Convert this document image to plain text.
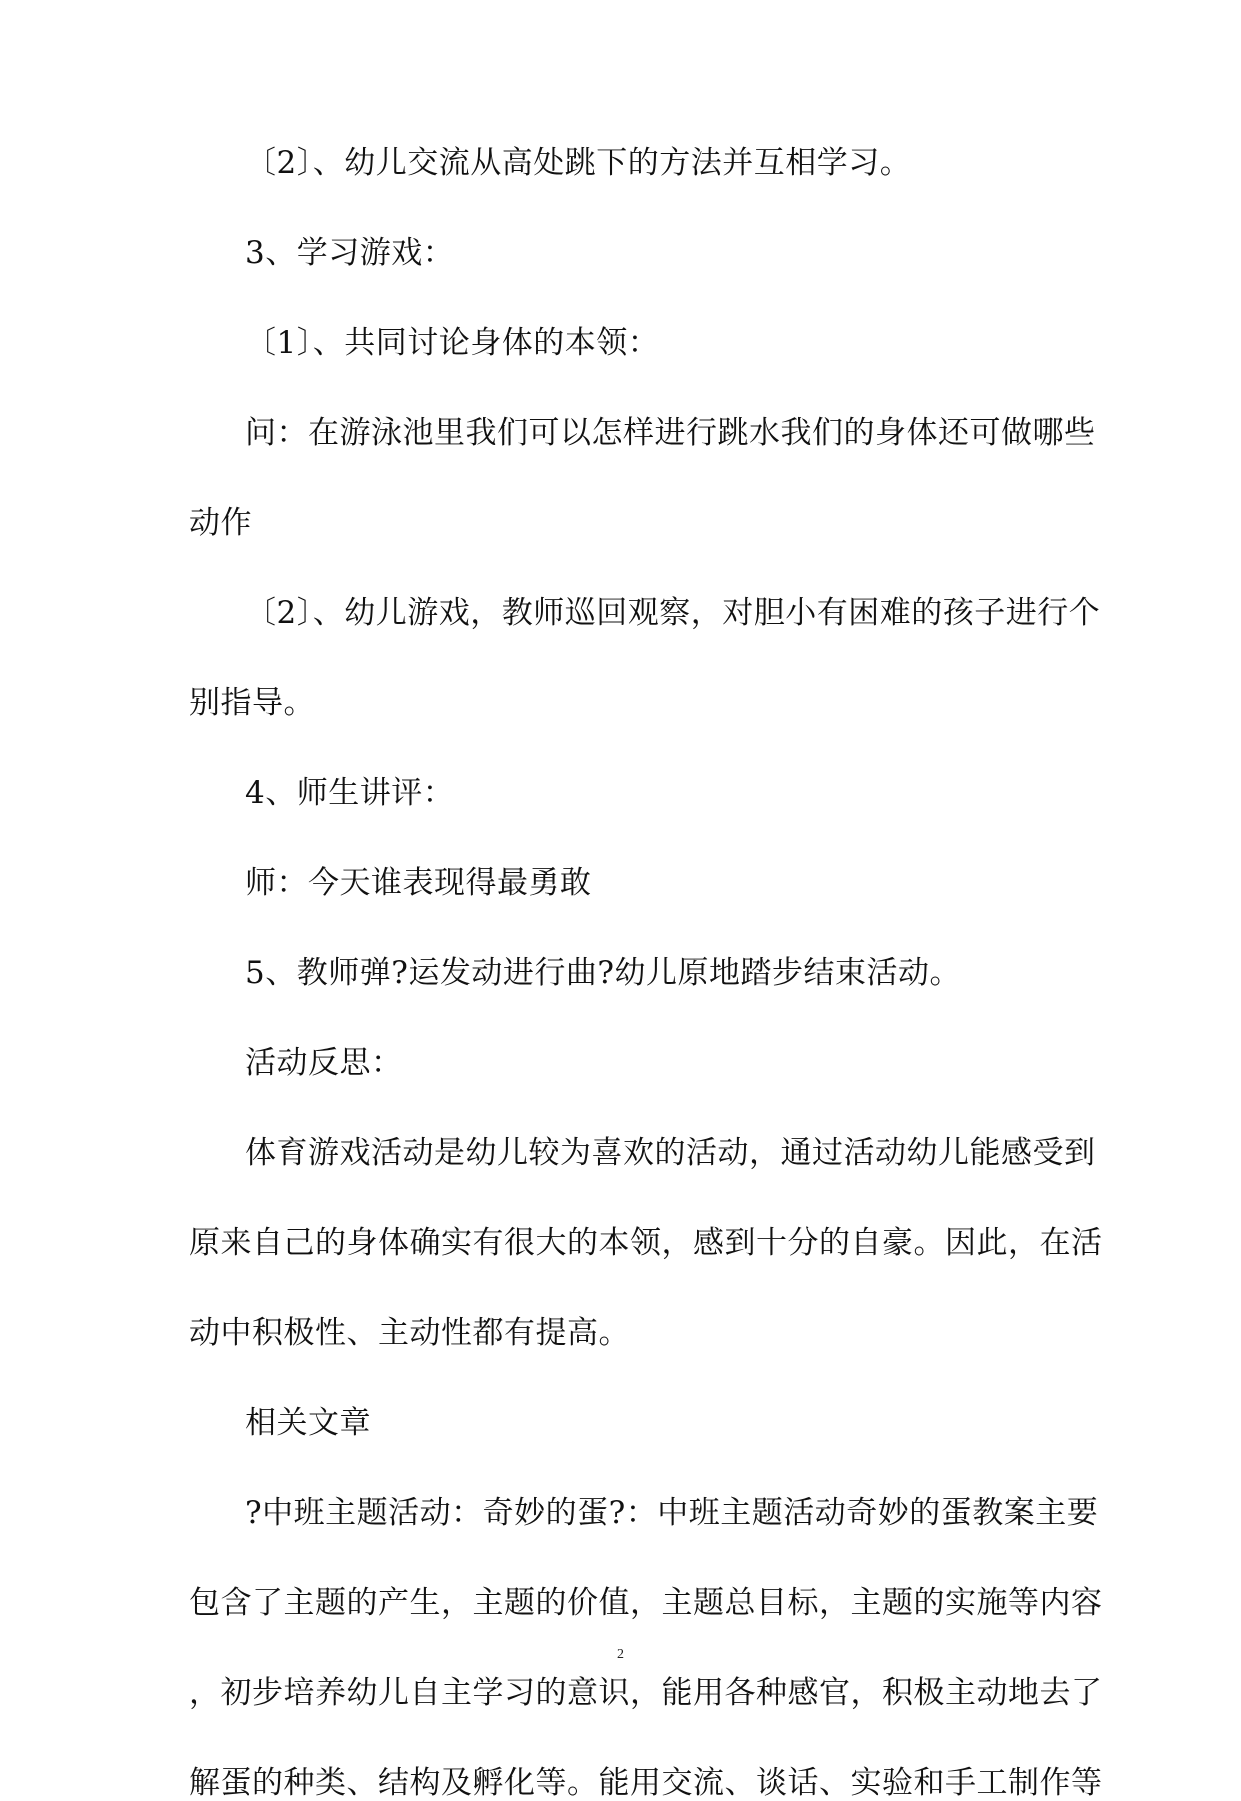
〔2〕、幼儿交流从高处跳下的方法并互相学习。

3、学习游戏：

〔1〕、共同讨论身体的本领：

问：在游泳池里我们可以怎样进行跳水我们的身体还可做哪些

动作

〔2〕、幼儿游戏，教师巡回观察，对胆小有困难的孩子进行个

别指导。

4、师生讲评：

师：今天谁表现得最勇敢

5、教师弹?运发动进行曲?幼儿原地踏步结束活动。

活动反思：

体育游戏活动是幼儿较为喜欢的活动，通过活动幼儿能感受到

原来自己的身体确实有很大的本领，感到十分的自豪。因此，在活

动中积极性、主动性都有提高。

相关文章

?中班主题活动：奇妙的蛋?：中班主题活动奇妙的蛋教案主要

包含了主题的产生，主题的价值，主题总目标，主题的实施等内容

，初步培养幼儿自主学习的意识，能用各种感官，积极主动地去了

解蛋的种类、结构及孵化等。能用交流、谈话、实验和手工制作等

2
